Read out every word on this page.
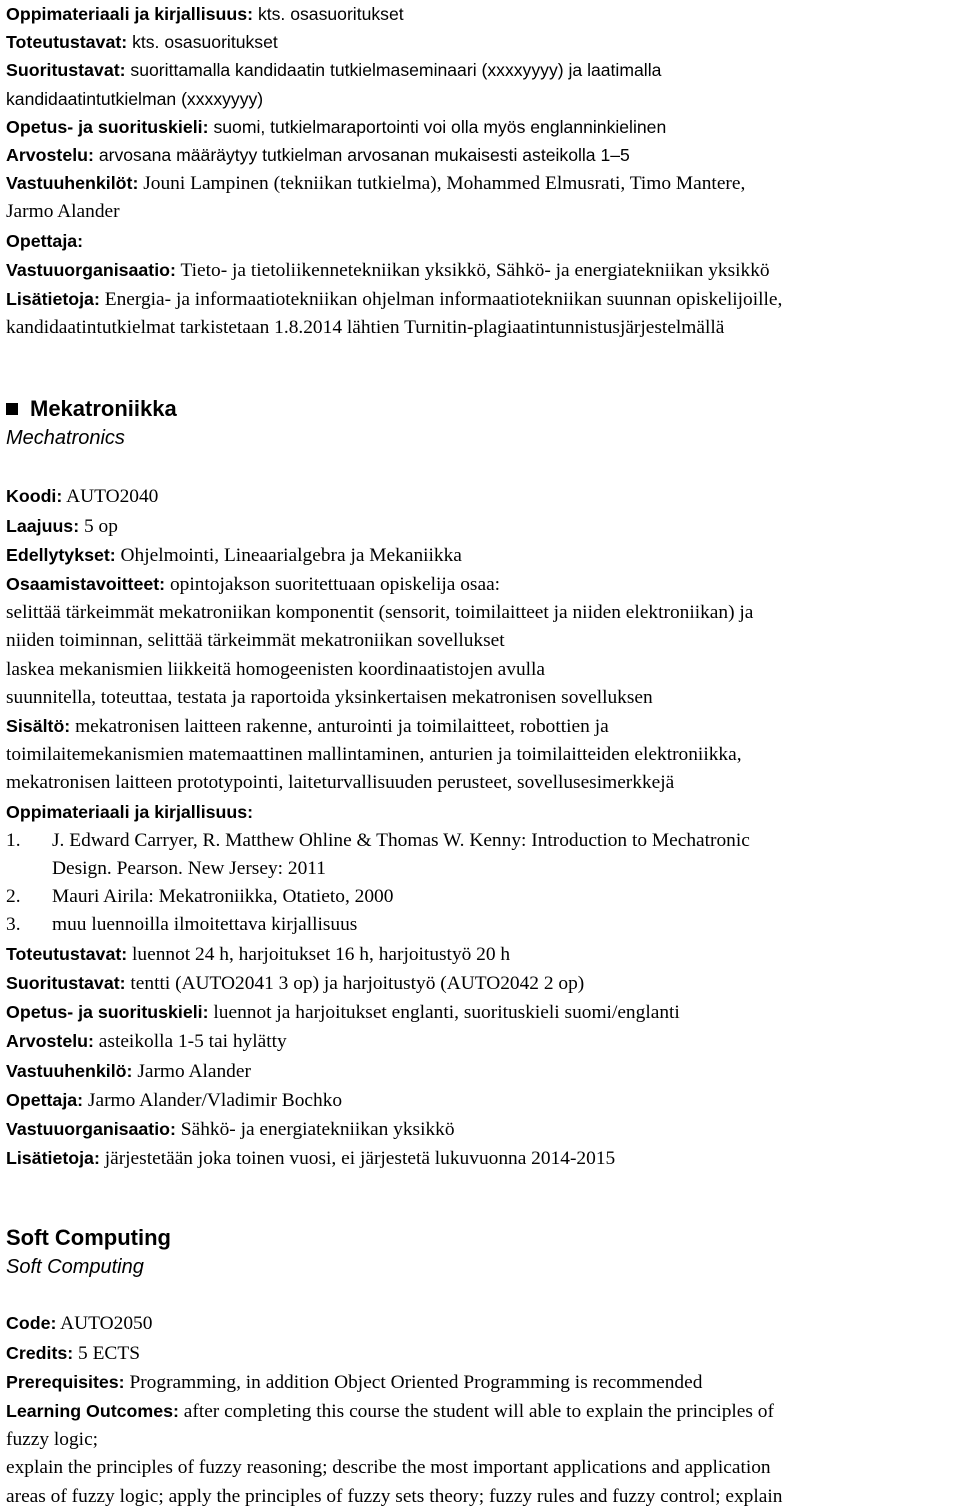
Oppimateriaali ja kirjallisuus: kts. osasuoritukset
Toteutustavat: kts. osasuoritukset
Suoritustavat: suorittamalla kandidaatin tutkielmaseminaari (xxxxyyyy) ja laatimalla
kandidaatintutkielman (xxxxyyyy)
Opetus- ja suorituskieli: suomi, tutkielmaraportointi voi olla myös englanninkielinen
Arvostelu: arvosana määräytyy tutkielman arvosanan mukaisesti asteikolla 1–5
Vastuuhenkilöt: Jouni Lampinen (tekniikan tutkielma), Mohammed Elmusrati, Timo Mantere,
Jarmo Alander
Opettaja:
Vastuuorganisaatio: Tieto- ja tietoliikennetekniikan yksikkö, Sähkö- ja energiatekniikan yksikkö
Lisätietoja: Energia- ja informaatiotekniikan ohjelman informaatiotekniikan suunnan opiskelijoille,
kandidaatintutkielmat tarkistetaan 1.8.2014 lähtien Turnitin-plagiaatintunnistusjärjestelmällä
Mekatroniikka
Mechatronics
Koodi: AUTO2040
Laajuus: 5 op
Edellytykset: Ohjelmointi, Lineaarialgebra ja Mekaniikka
Osaamistavoitteet: opintojakson suoritettuaan opiskelija osaa:
selittää tärkeimmät mekatroniikan komponentit (sensorit, toimilaitteet ja niiden elektroniikan) ja
niiden toiminnan, selittää tärkeimmät mekatroniikan sovellukset
laskea mekanismien liikkeitä homogeenisten koordinaatistojen avulla
suunnitella, toteuttaa, testata ja raportoida yksinkertaisen mekatronisen sovelluksen
Sisältö: mekatronisen laitteen rakenne, anturointi ja toimilaitteet, robottien ja
toimilaitemekanismien matemaattinen mallintaminen, anturien ja toimilaitteiden elektroniikka,
mekatronisen laitteen prototypointi, laiteturvallisuuden perusteet, sovellusesimerkkejä
Oppimateriaali ja kirjallisuus:
1.	J. Edward Carryer, R. Matthew Ohline & Thomas W. Kenny: Introduction to Mechatronic
Design. Pearson. New Jersey: 2011
2.	Mauri Airila: Mekatroniikka, Otatieto, 2000
3.	muu luennoilla ilmoitettava kirjallisuus
Toteutustavat: luennot 24 h, harjoitukset 16 h, harjoitustyö 20 h
Suoritustavat: tentti (AUTO2041 3 op) ja harjoitustyö (AUTO2042 2 op)
Opetus- ja suorituskieli: luennot ja harjoitukset englanti, suorituskieli suomi/englanti
Arvostelu: asteikolla 1-5 tai hylätty
Vastuuhenkilö: Jarmo Alander
Opettaja: Jarmo Alander/Vladimir Bochko
Vastuuorganisaatio: Sähkö- ja energiatekniikan yksikkö
Lisätietoja: järjestetään joka toinen vuosi, ei järjestetä lukuvuonna 2014-2015
Soft Computing
Soft Computing
Code: AUTO2050
Credits: 5 ECTS
Prerequisites: Programming, in addition Object Oriented Programming is recommended
Learning Outcomes: after completing this course the student will able to explain the principles of
fuzzy logic;
explain the principles of fuzzy reasoning; describe the most important applications and application
areas of fuzzy logic; apply the principles of fuzzy sets theory; fuzzy rules and fuzzy control; explain
